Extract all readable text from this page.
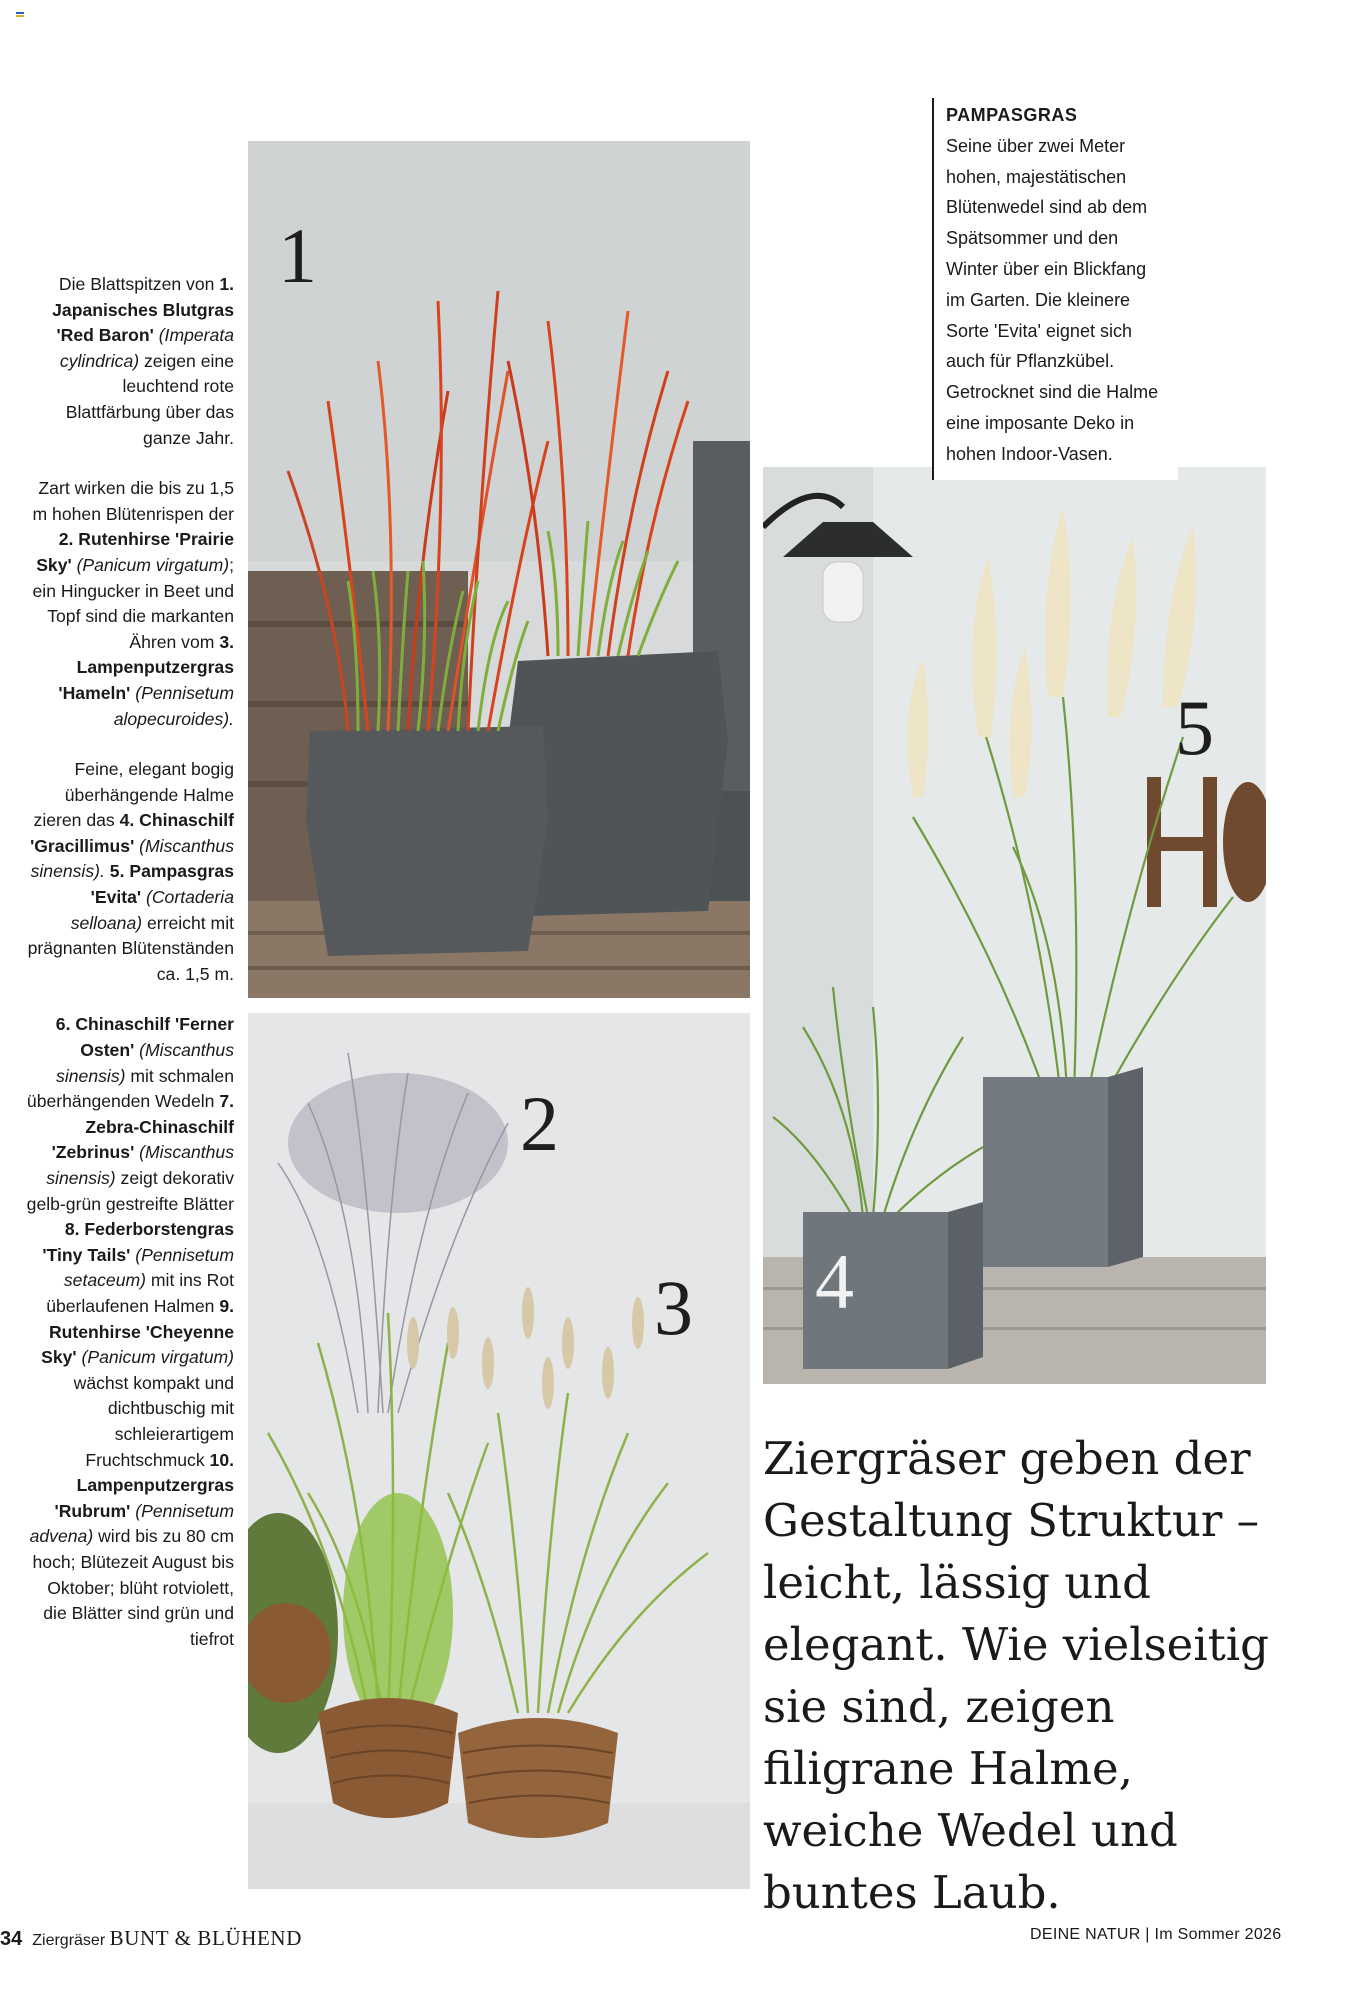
Die Blattspitzen von 1. Japanisches Blutgras 'Red Baron' (Imperata cylindrica) zeigen eine leuchtend rote Blattfärbung über das ganze Jahr.

Zart wirken die bis zu 1,5 m hohen Blütenrispen der 2. Rutenhirse 'Prairie Sky' (Panicum virgatum); ein Hingucker in Beet und Topf sind die markanten Ähren vom 3. Lampenputzergras 'Hameln' (Pennisetum alopecuroides).

Feine, elegant bogig überhängende Halme zieren das 4. Chinaschilf 'Gracillimus' (Miscanthus sinensis). 5. Pampasgras 'Evita' (Cortaderia selloana) erreicht mit prägnanten Blütenständen ca. 1,5 m.

6. Chinaschilf 'Ferner Osten' (Miscanthus sinensis) mit schmalen überhängenden Wedeln 7. Zebra-Chinaschilf 'Zebrinus' (Miscanthus sinensis) zeigt dekorativ gelb-grün gestreifte Blätter 8. Federborstengras 'Tiny Tails' (Pennisetum setaceum) mit ins Rot überlaufenen Halmen 9. Rutenhirse 'Cheyenne Sky' (Panicum virgatum) wächst kompakt und dichtbuschig mit schleierartigem Fruchtschmuck 10. Lampenputzergras 'Rubrum' (Pennisetum advena) wird bis zu 80 cm hoch; Blütezeit August bis Oktober; blüht rotviolett, die Blätter sind grün und tiefrot

1
2
3 4
5
PAMPASGRAS
Seine über zwei Meter hohen, majestätischen Blütenwedel sind ab dem Spätsommer und den Winter über ein Blickfang im Garten. Die kleinere Sorte 'Evita' eignet sich auch für Pflanzkübel. Getrocknet sind die Halme eine imposante Deko in hohen Indoor-Vasen.
Ziergräser geben der Gestaltung Struktur – leicht, lässig und elegant. Wie vielseitig sie sind, zeigen filigrane Halme, weiche Wedel und buntes Laub.
34 Ziergräser BUNT & BLÜHEND	DEINE NATUR | Im Sommer 2026
